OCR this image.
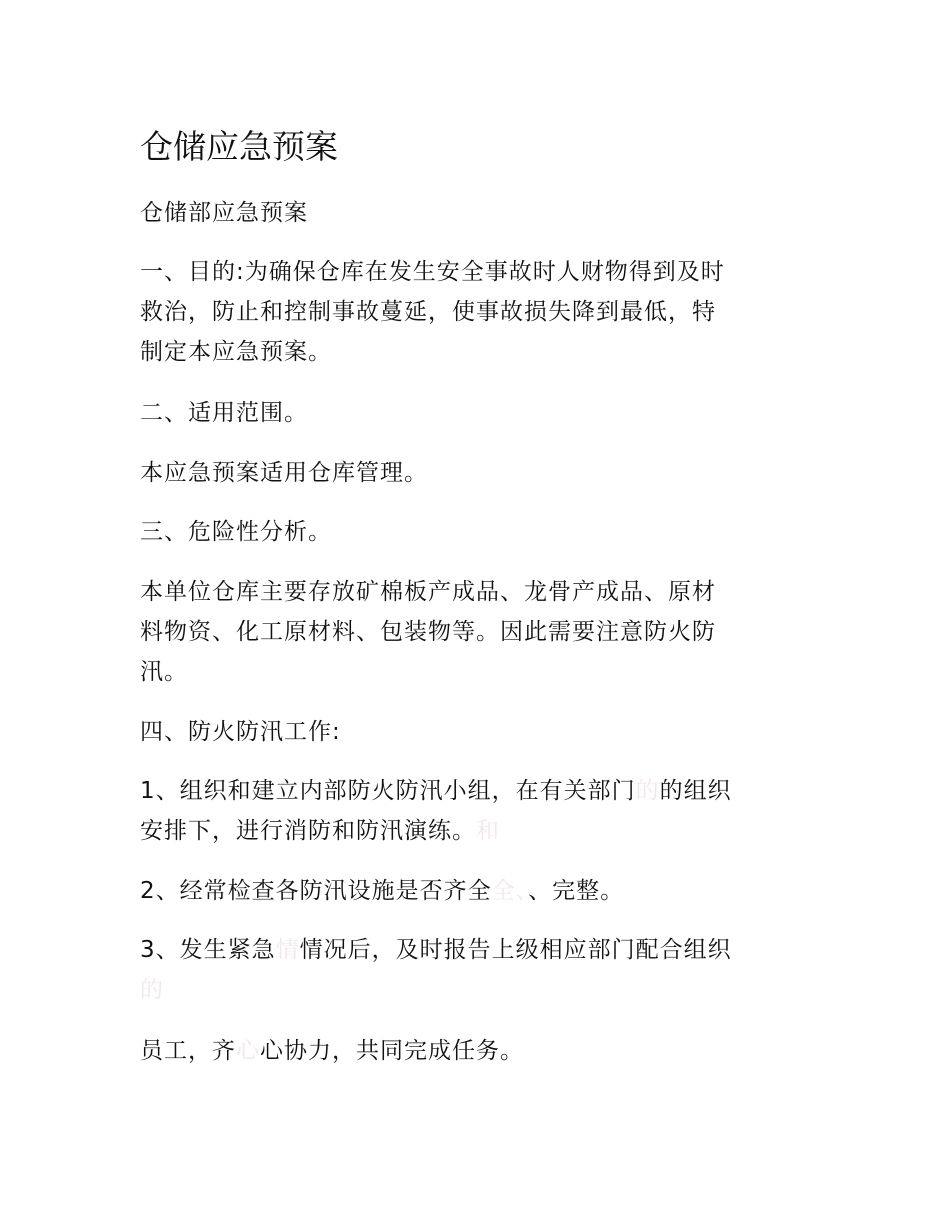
仓储应急预案

仓储部应急预案

一、目的:为确保仓库在发生安全事故时人财物得到及时
救治，防止和控制事故蔓延，使事故损失降到最低，特
制定本应急预案。

二、适用范围。

本应急预案适用仓库管理。

三、危险性分析。

本单位仓库主要存放矿棉板产成品、龙骨产成品、原材
料物资、化工原材料、包装物等。因此需要注意防火防
汛。

四、防火防汛工作:

1、组织和建立内部防火防汛小组，在有关部门的的组织
安排下，进行消防和防汛演练。和

2、经常检查各防汛设施是否齐全全、、完整。

3、发生紧急情情况后，及时报告上级相应部门配合组织
的

员工，齐心心协力，共同完成任务。
